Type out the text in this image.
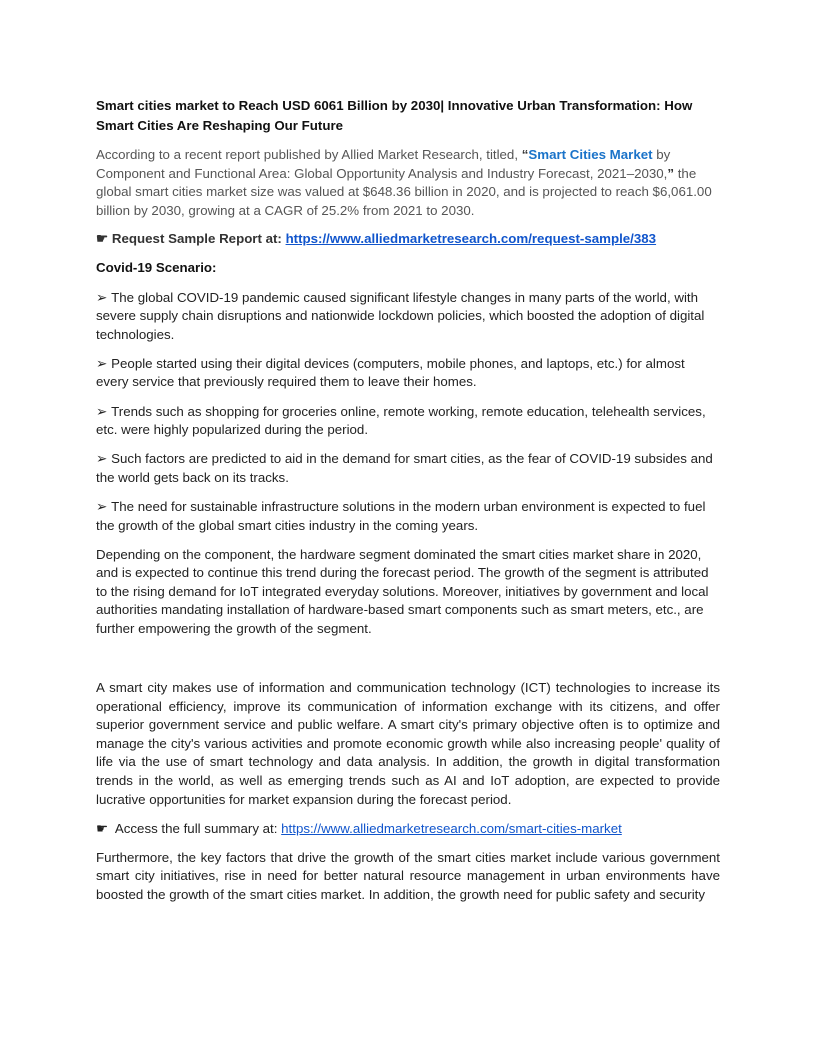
Smart cities market to Reach USD 6061 Billion by 2030| Innovative Urban Transformation: How Smart Cities Are Reshaping Our Future

According to a recent report published by Allied Market Research, titled, “Smart Cities Market by Component and Functional Area: Global Opportunity Analysis and Industry Forecast, 2021–2030,” the global smart cities market size was valued at $648.36 billion in 2020, and is projected to reach $6,061.00 billion by 2030, growing at a CAGR of 25.2% from 2021 to 2030.

☛ Request Sample Report at: https://www.alliedmarketresearch.com/request-sample/383

Covid-19 Scenario:

➢ The global COVID-19 pandemic caused significant lifestyle changes in many parts of the world, with severe supply chain disruptions and nationwide lockdown policies, which boosted the adoption of digital technologies.

➢ People started using their digital devices (computers, mobile phones, and laptops, etc.) for almost every service that previously required them to leave their homes.

➢ Trends such as shopping for groceries online, remote working, remote education, telehealth services, etc. were highly popularized during the period.

➢ Such factors are predicted to aid in the demand for smart cities, as the fear of COVID-19 subsides and the world gets back on its tracks.

➢ The need for sustainable infrastructure solutions in the modern urban environment is expected to fuel the growth of the global smart cities industry in the coming years.

Depending on the component, the hardware segment dominated the smart cities market share in 2020, and is expected to continue this trend during the forecast period. The growth of the segment is attributed to the rising demand for IoT integrated everyday solutions. Moreover, initiatives by government and local authorities mandating installation of hardware-based smart components such as smart meters, etc., are further empowering the growth of the segment.

A smart city makes use of information and communication technology (ICT) technologies to increase its operational efficiency, improve its communication of information exchange with its citizens, and offer superior government service and public welfare. A smart city's primary objective often is to optimize and manage the city's various activities and promote economic growth while also increasing people' quality of life via the use of smart technology and data analysis. In addition, the growth in digital transformation trends in the world, as well as emerging trends such as AI and IoT adoption, are expected to provide lucrative opportunities for market expansion during the forecast period.

☛ Access the full summary at: https://www.alliedmarketresearch.com/smart-cities-market

Furthermore, the key factors that drive the growth of the smart cities market include various government smart city initiatives, rise in need for better natural resource management in urban environments have boosted the growth of the smart cities market. In addition, the growth need for public safety and security
